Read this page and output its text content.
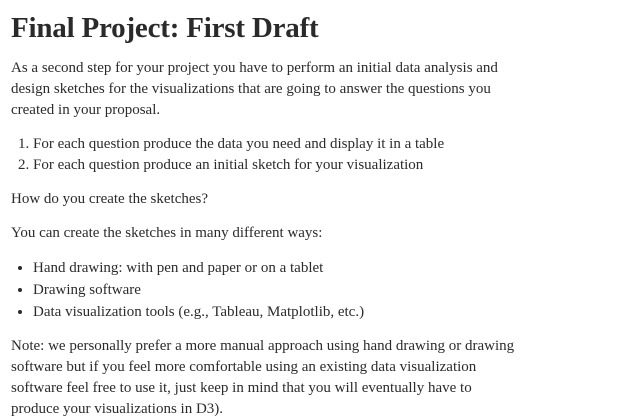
Final Project: First Draft

As a second step for your project you have to perform an initial data analysis and design sketches for the visualizations that are going to answer the questions you created in your proposal.

1. For each question produce the data you need and display it in a table
2. For each question produce an initial sketch for your visualization

How do you create the sketches?

You can create the sketches in many different ways:

• Hand drawing: with pen and paper or on a tablet
• Drawing software
• Data visualization tools (e.g., Tableau, Matplotlib, etc.)

Note: we personally prefer a more manual approach using hand drawing or drawing software but if you feel more comfortable using an existing data visualization software feel free to use it, just keep in mind that you will eventually have to produce your visualizations in D3).
